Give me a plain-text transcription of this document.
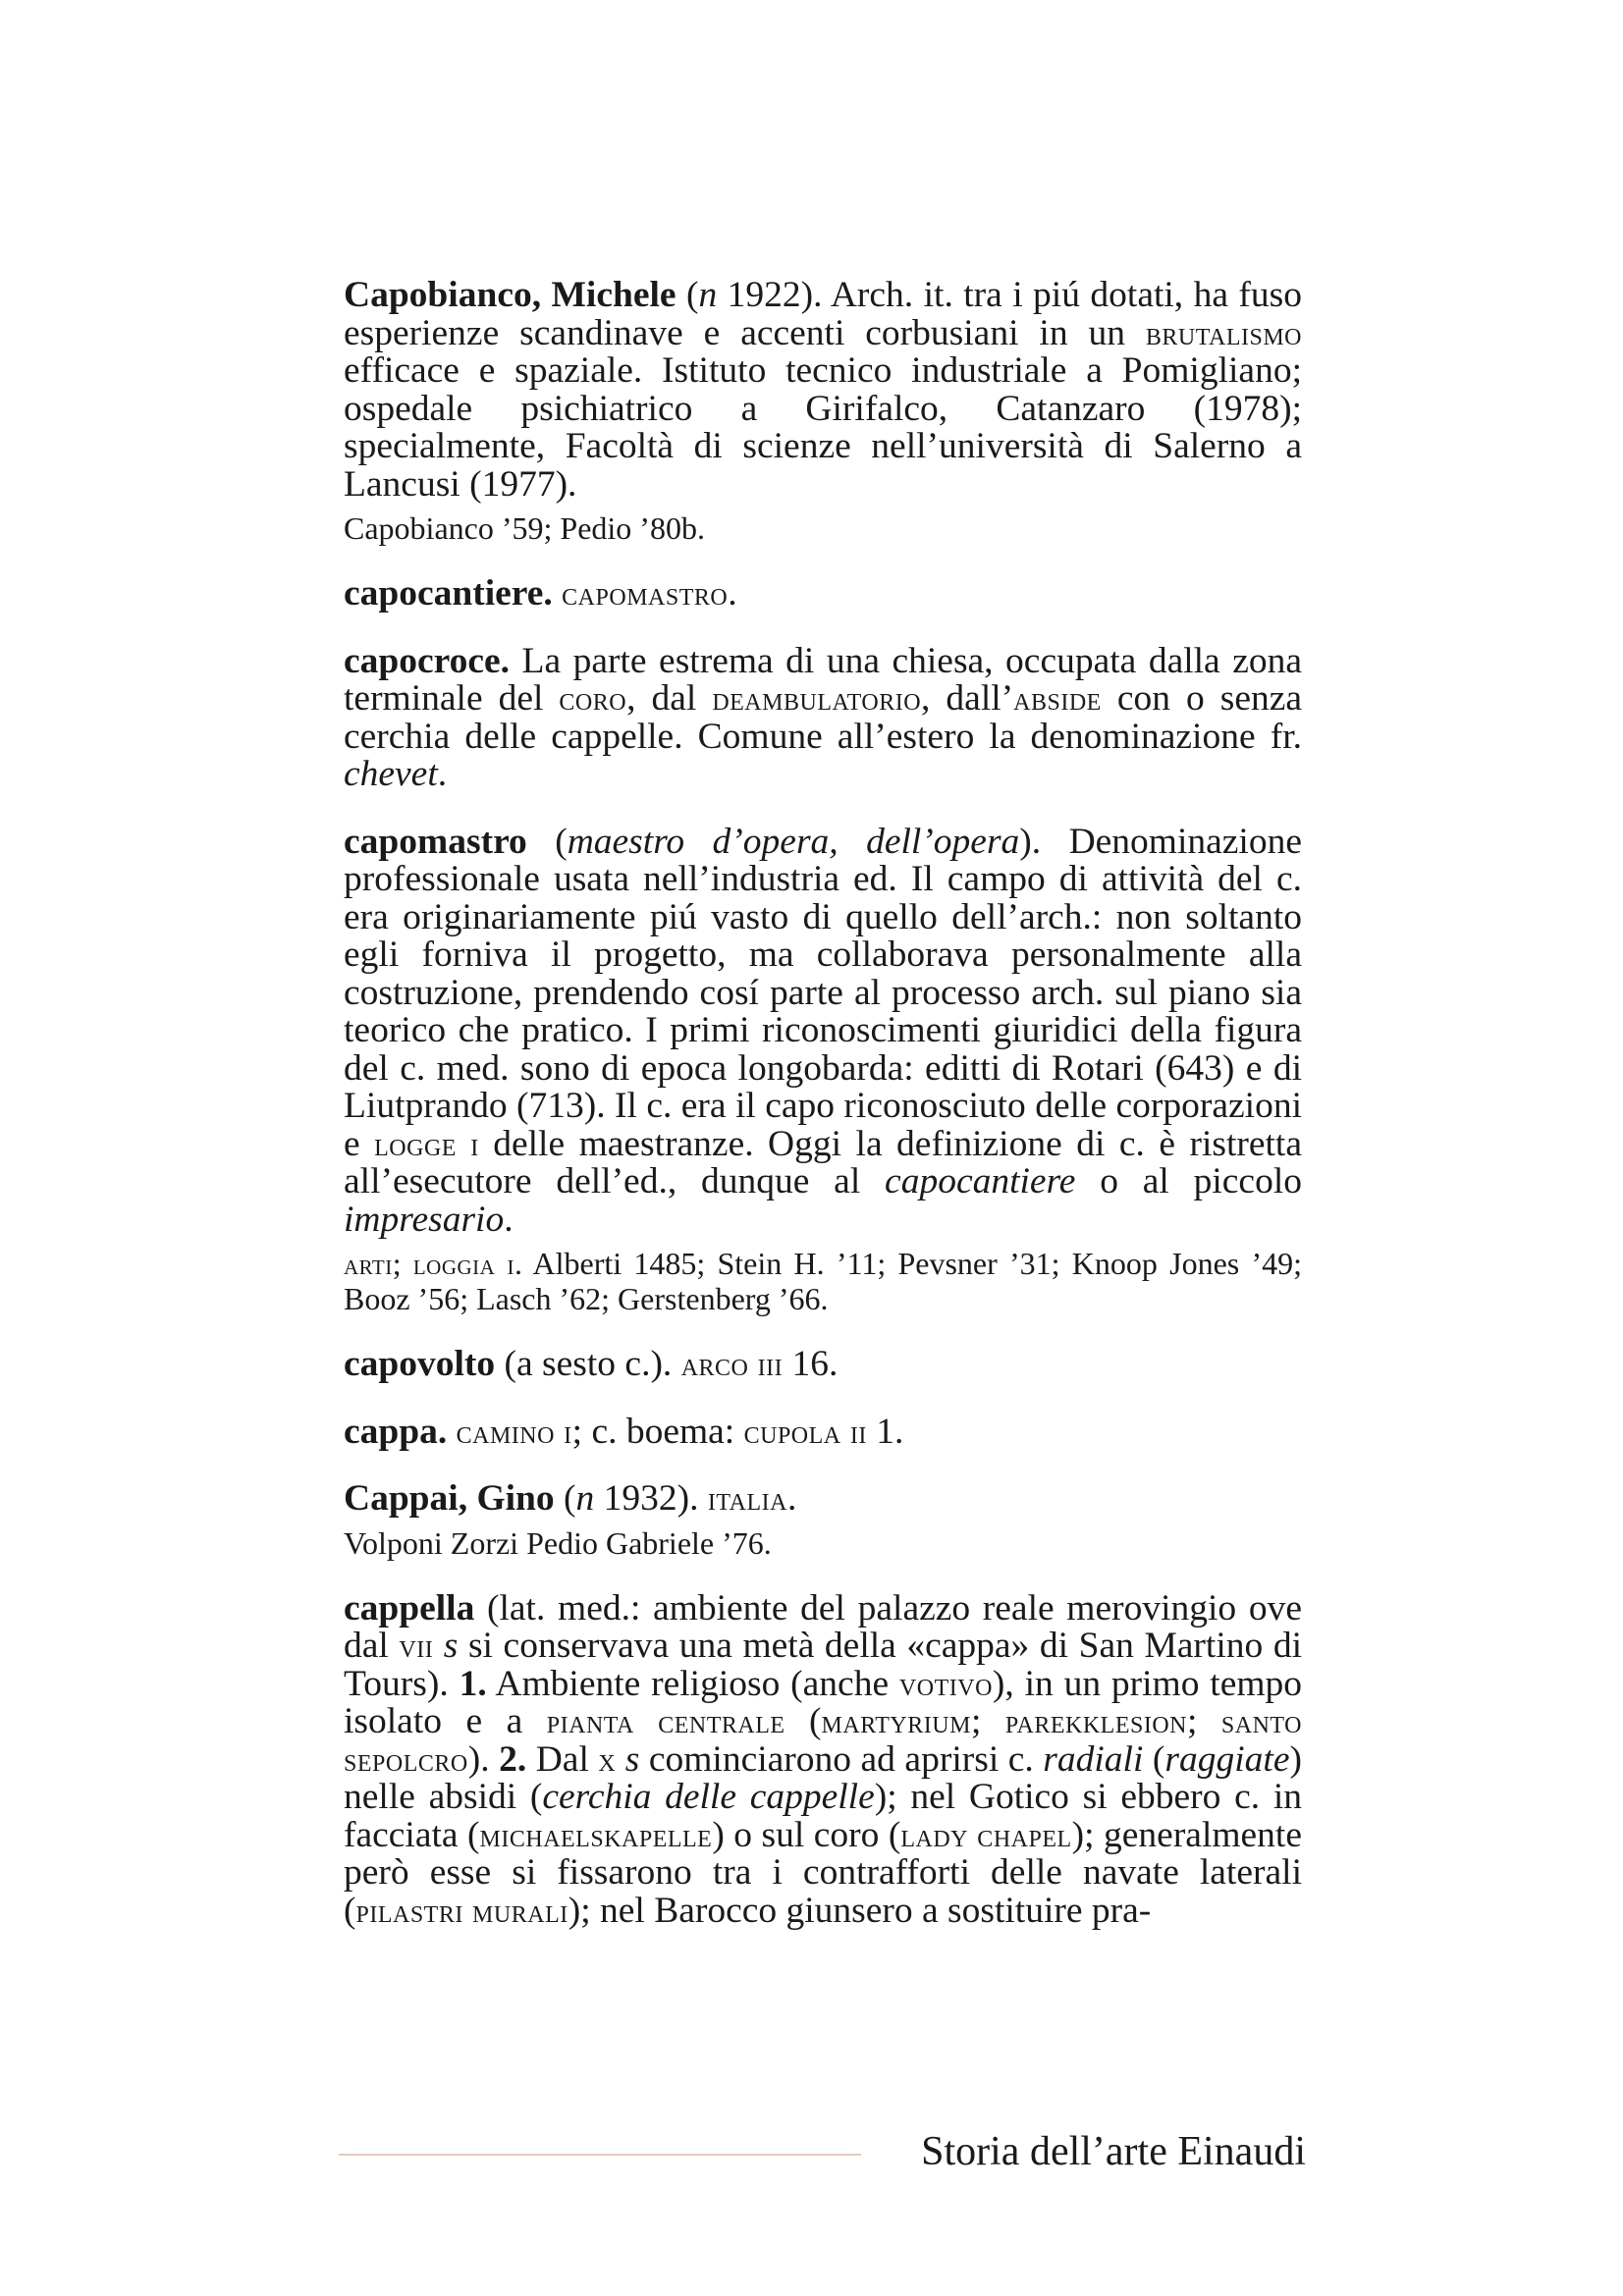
Capobianco, Michele (n 1922). Arch. it. tra i piú dotati, ha fuso esperienze scandinave e accenti corbusiani in un brutalismo efficace e spaziale. Istituto tecnico industriale a Pomigliano; ospedale psichiatrico a Girifalco, Catanzaro (1978); specialmente, Facoltà di scienze nell’università di Salerno a Lancusi (1977).

Capobianco ’59; Pedio ’80b.

capocantiere. capomastro.

capocroce. La parte estrema di una chiesa, occupata dalla zona terminale del coro, dal deambulatorio, dall’abside con o senza cerchia delle cappelle. Comune all’estero la denominazione fr. chevet.

capomastro (maestro d’opera, dell’opera). Denominazione professionale usata nell’industria ed. Il campo di attività del c. era originariamente piú vasto di quello dell’arch.: non soltanto egli forniva il progetto, ma collaborava personalmente alla costruzione, prendendo cosí parte al processo arch. sul piano sia teorico che pratico. I primi riconoscimenti giuridici della figura del c. med. sono di epoca longobarda: editti di Rotari (643) e di Liutprando (713). Il c. era il capo riconosciuto delle corporazioni e logge i delle maestranze. Oggi la definizione di c. è ristretta all’esecutore dell’ed., dunque al capocantiere o al piccolo impresario.

arti; loggia i. Alberti 1485; Stein H. ’11; Pevsner ’31; Knoop Jones ’49; Booz ’56; Lasch ’62; Gerstenberg ’66.

capovolto (a sesto c.). arco iii 16.

cappa. camino i; c. boema: cupola ii 1.

Cappai, Gino (n 1932). italia.

Volponi Zorzi Pedio Gabriele ’76.

cappella (lat. med.: ambiente del palazzo reale merovingio ove dal vii s si conservava una metà della «cappa» di San Martino di Tours). 1. Ambiente religioso (anche votivo), in un primo tempo isolato e a pianta centrale (martyrium; parekklesion; santo sepolcro). 2. Dal x s cominciarono ad aprirsi c. radiali (raggiate) nelle absidi (cerchia delle cappelle); nel Gotico si ebbero c. in facciata (michaelskapelle) o sul coro (lady chapel); generalmente però esse si fissarono tra i contrafforti delle navate laterali (pilastri murali); nel Barocco giunsero a sostituire pra-

Storia dell’arte Einaudi
